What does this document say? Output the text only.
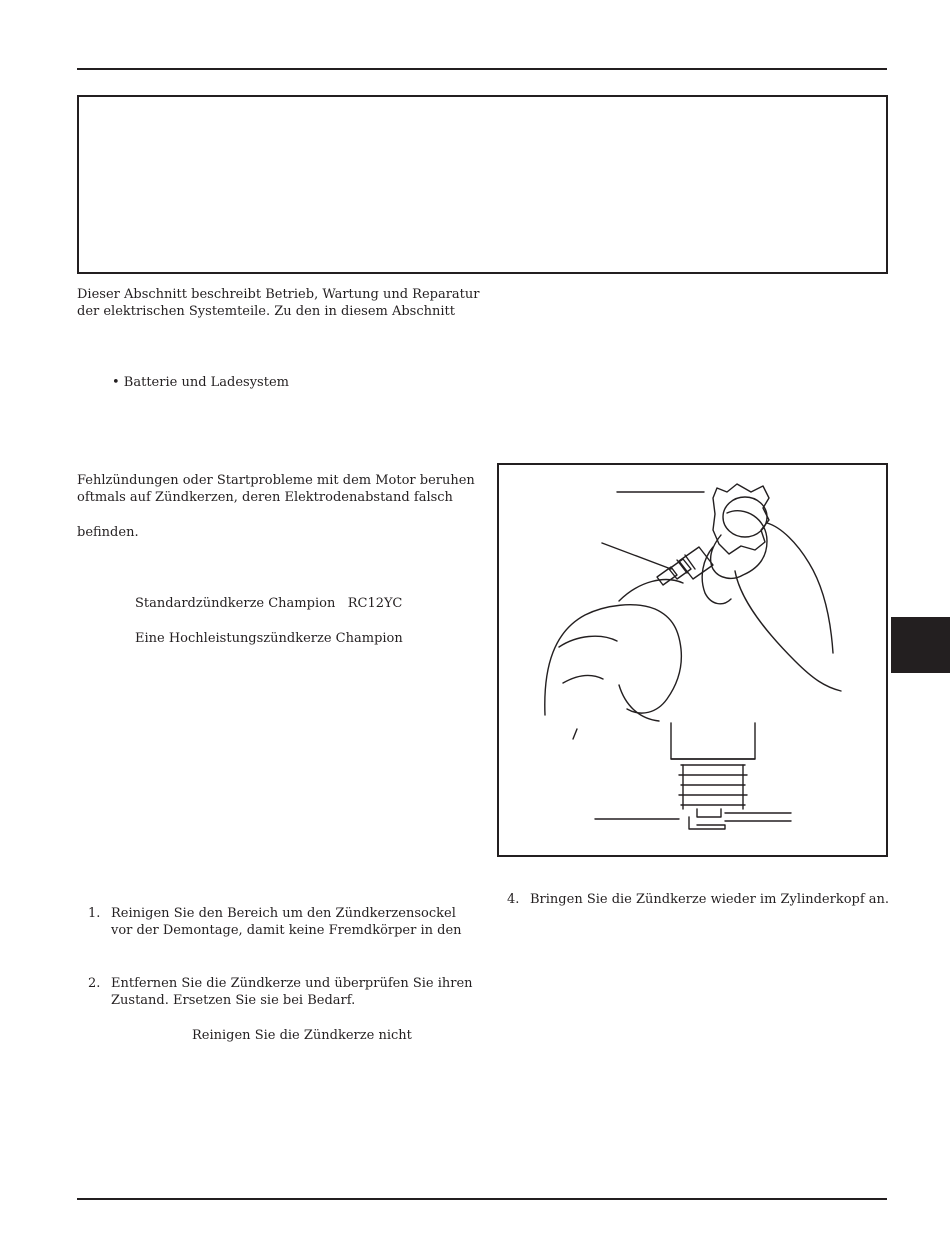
Dieser Abschnitt beschreibt Betrieb, Wartung und Reparatur
der elektrischen Systemteile. Zu den in diesem Abschnitt
• Batterie und Ladesystem
Fehlzündungen oder Startprobleme mit dem Motor beruhen
oftmals auf Zündkerzen, deren Elektrodenabstand falsch
befinden.
Standardzündkerze Champion   RC12YC
Eine Hochleistungszündkerze Champion
1. Reinigen Sie den Bereich um den Zündkerzensockel
vor der Demontage, damit keine Fremdkörper in den
2. Entfernen Sie die Zündkerze und überprüfen Sie ihren
Zustand. Ersetzen Sie sie bei Bedarf.
Reinigen Sie die Zündkerze nicht
4. Bringen Sie die Zündkerze wieder im Zylinderkopf an.
